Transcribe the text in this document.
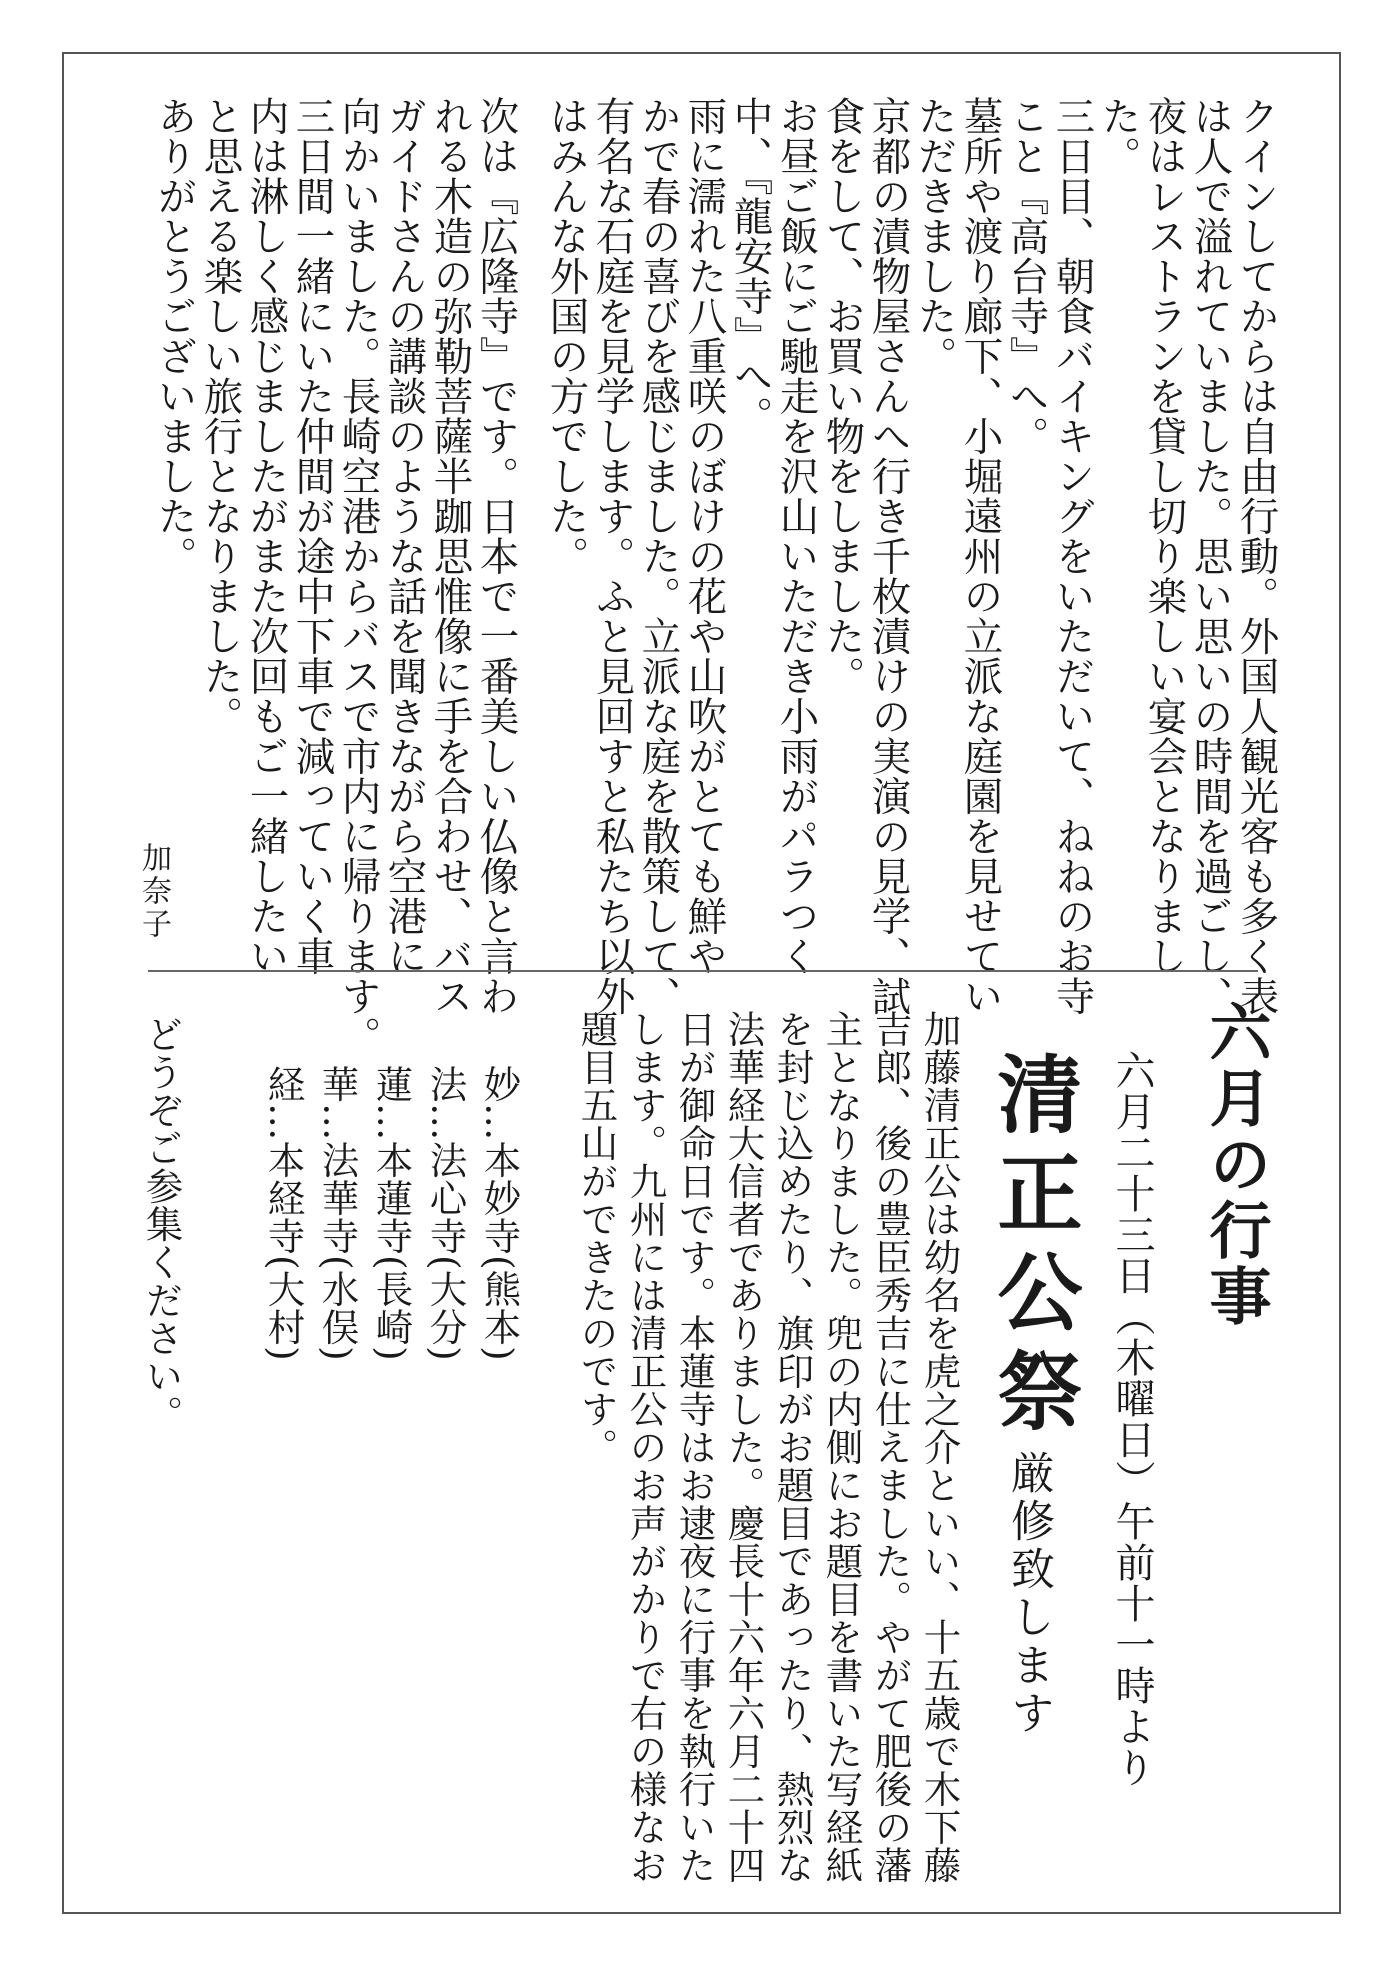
クインしてからは自由行動。外国人観光客も多く表
は人で溢れていました。思い思いの時間を過ごし、
夜はレストランを貸し切り楽しい宴会となりまし
た。
三日目、朝食バイキングをいただいて、ねねのお寺
こと『高台寺』へ。
墓所や渡り廊下、小堀遠州の立派な庭園を見せてい
ただきました。
京都の漬物屋さんへ行き千枚漬けの実演の見学、試
食をして、お買い物をしました。
お昼ご飯にご馳走を沢山いただき小雨がパラつく
中、『龍安寺』へ。
雨に濡れた八重咲のぼけの花や山吹がとても鮮や
かで春の喜びを感じました。立派な庭を散策して、
有名な石庭を見学します。ふと見回すと私たち以外
はみんな外国の方でした。
次は『広隆寺』です。日本で一番美しい仏像と言わ
れる木造の弥勒菩薩半跏思惟像に手を合わせ、バス
ガイドさんの講談のような話を聞きながら空港に
向かいました。長崎空港からバスで市内に帰ります。
三日間一緒にいた仲間が途中下車で減っていく車
内は淋しく感じましたがまた次回もご一緒したい
と思える楽しい旅行となりました。
ありがとうございました。
加奈子
六月の行事
六月二十三日（木曜日）午前十一時より
清正公祭
厳修致します
加藤清正公は幼名を虎之介といい、十五歳で木下藤
吉郎、後の豊臣秀吉に仕えました。やがて肥後の藩
主となりました。兜の内側にお題目を書いた写経紙
を封じ込めたり、旗印がお題目であったり、熱烈な
法華経大信者でありました。慶長十六年六月二十四
日が御命日です。本蓮寺はお逮夜に行事を執行いた
します。九州には清正公のお声がかりで右の様なお
題目五山ができたのです。
妙…本妙寺(熊本)
法…法心寺(大分)
蓮…本蓮寺(長崎)
華…法華寺(水俣)
経…本経寺(大村)
どうぞご参集ください。
